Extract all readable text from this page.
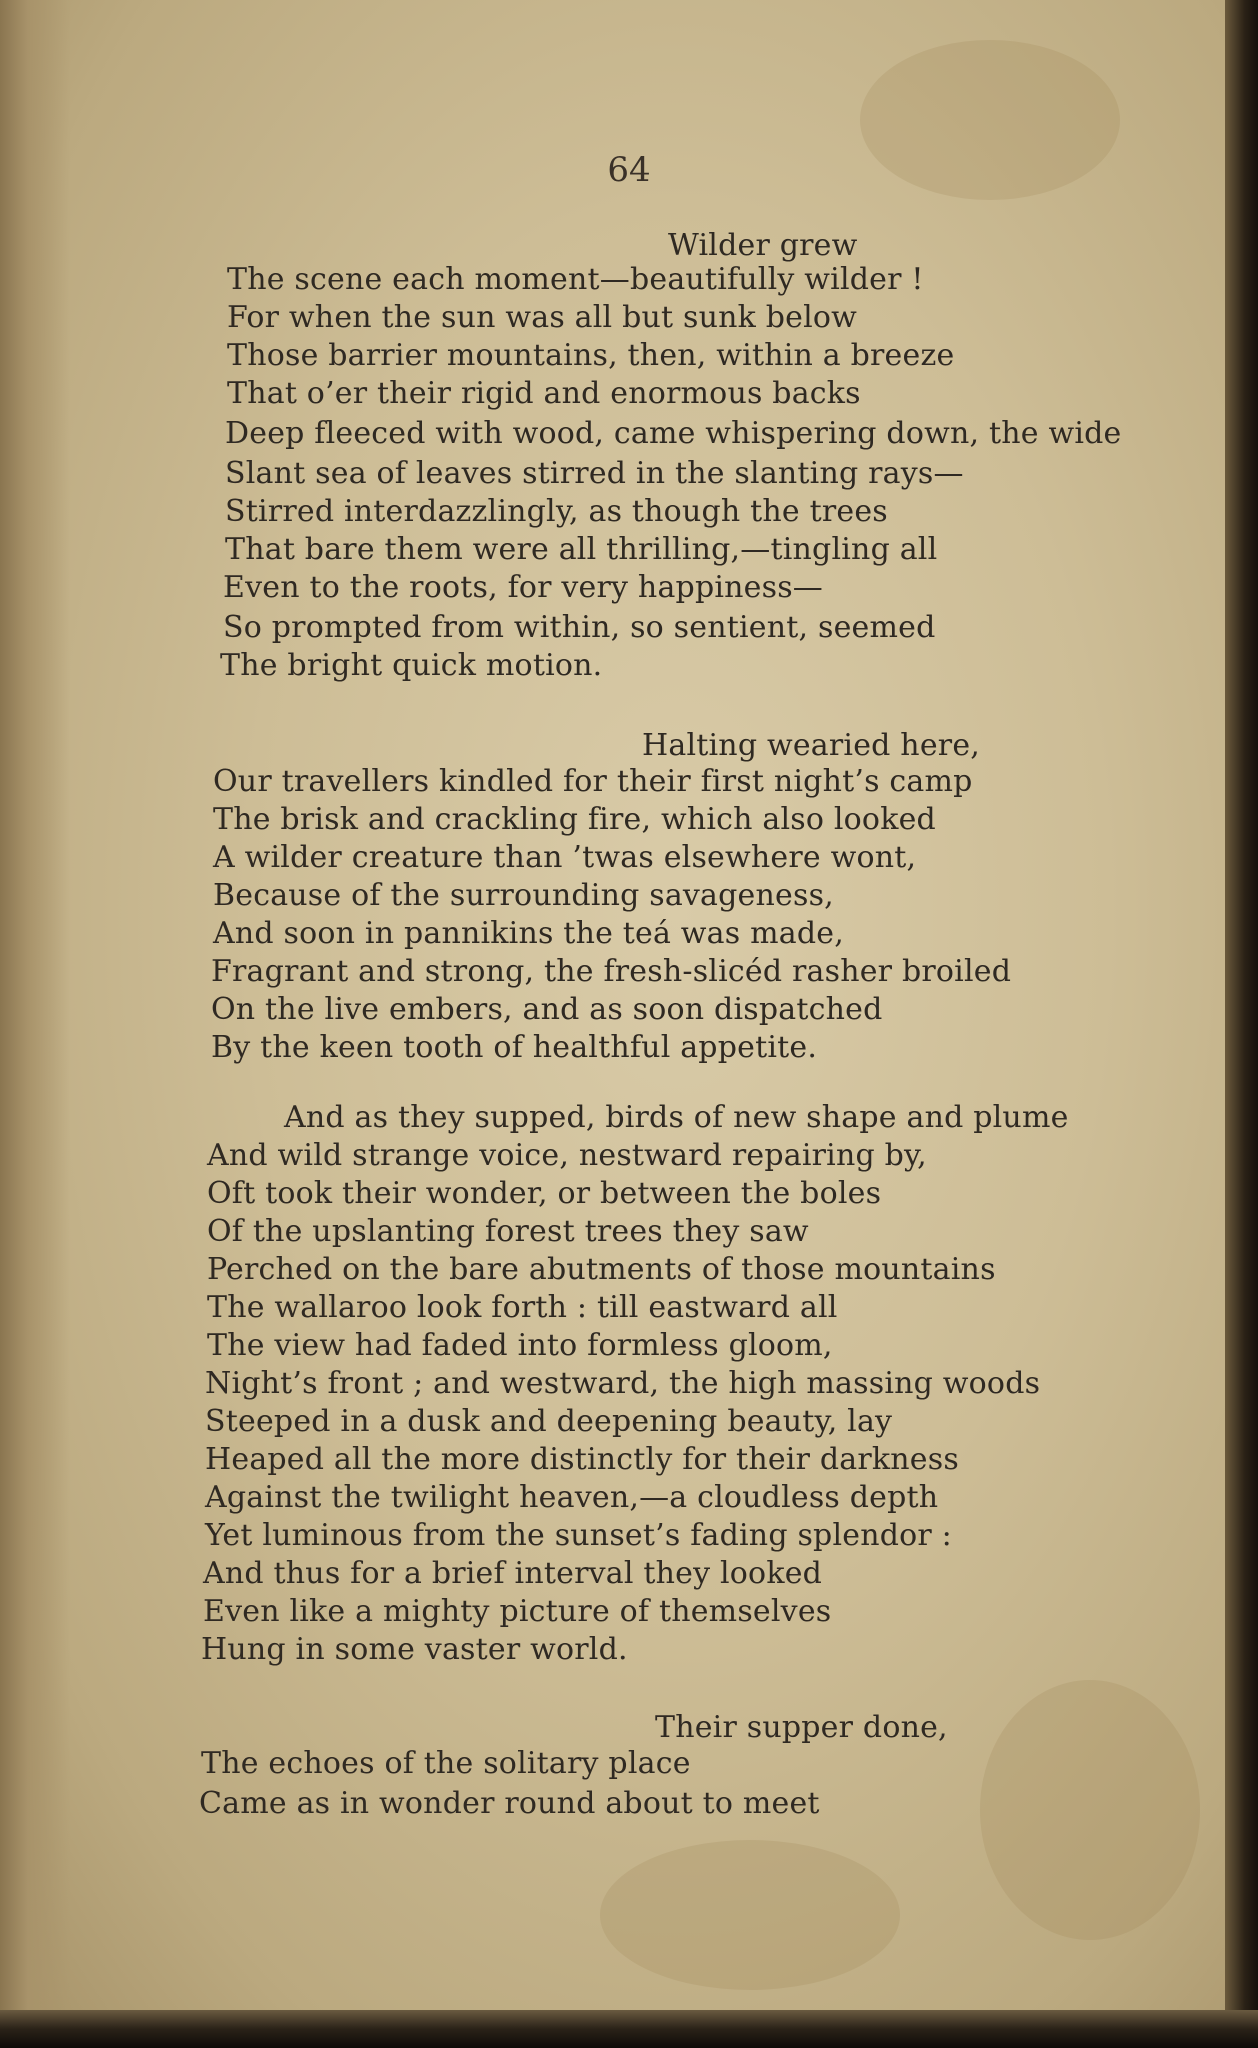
64
Wilder grew
The scene each moment—beautifully wilder !
For when the sun was all but sunk below
Those barrier mountains, then, within a breeze
That o’er their rigid and enormous backs
Deep fleeced with wood, came whispering down, the wide
Slant sea of leaves stirred in the slanting rays—
Stirred interdazzlingly, as though the trees
That bare them were all thrilling,—tingling all
Even to the roots, for very happiness—
So prompted from within, so sentient, seemed
The bright quick motion.
Halting wearied here,
Our travellers kindled for their first night’s camp
The brisk and crackling fire, which also looked
A wilder creature than ’twas elsewhere wont,
Because of the surrounding savageness,
And soon in pannikins the teá was made,
Fragrant and strong, the fresh-slicéd rasher broiled
On the live embers, and as soon dispatched
By the keen tooth of healthful appetite.
And as they supped, birds of new shape and plume
And wild strange voice, nestward repairing by,
Oft took their wonder, or between the boles
Of the upslanting forest trees they saw
Perched on the bare abutments of those mountains
The wallaroo look forth : till eastward all
The view had faded into formless gloom,
Night’s front ; and westward, the high massing woods
Steeped in a dusk and deepening beauty, lay
Heaped all the more distinctly for their darkness
Against the twilight heaven,—a cloudless depth
Yet luminous from the sunset’s fading splendor :
And thus for a brief interval they looked
Even like a mighty picture of themselves
Hung in some vaster world.
Their supper done,
The echoes of the solitary place
Came as in wonder round about to meet
